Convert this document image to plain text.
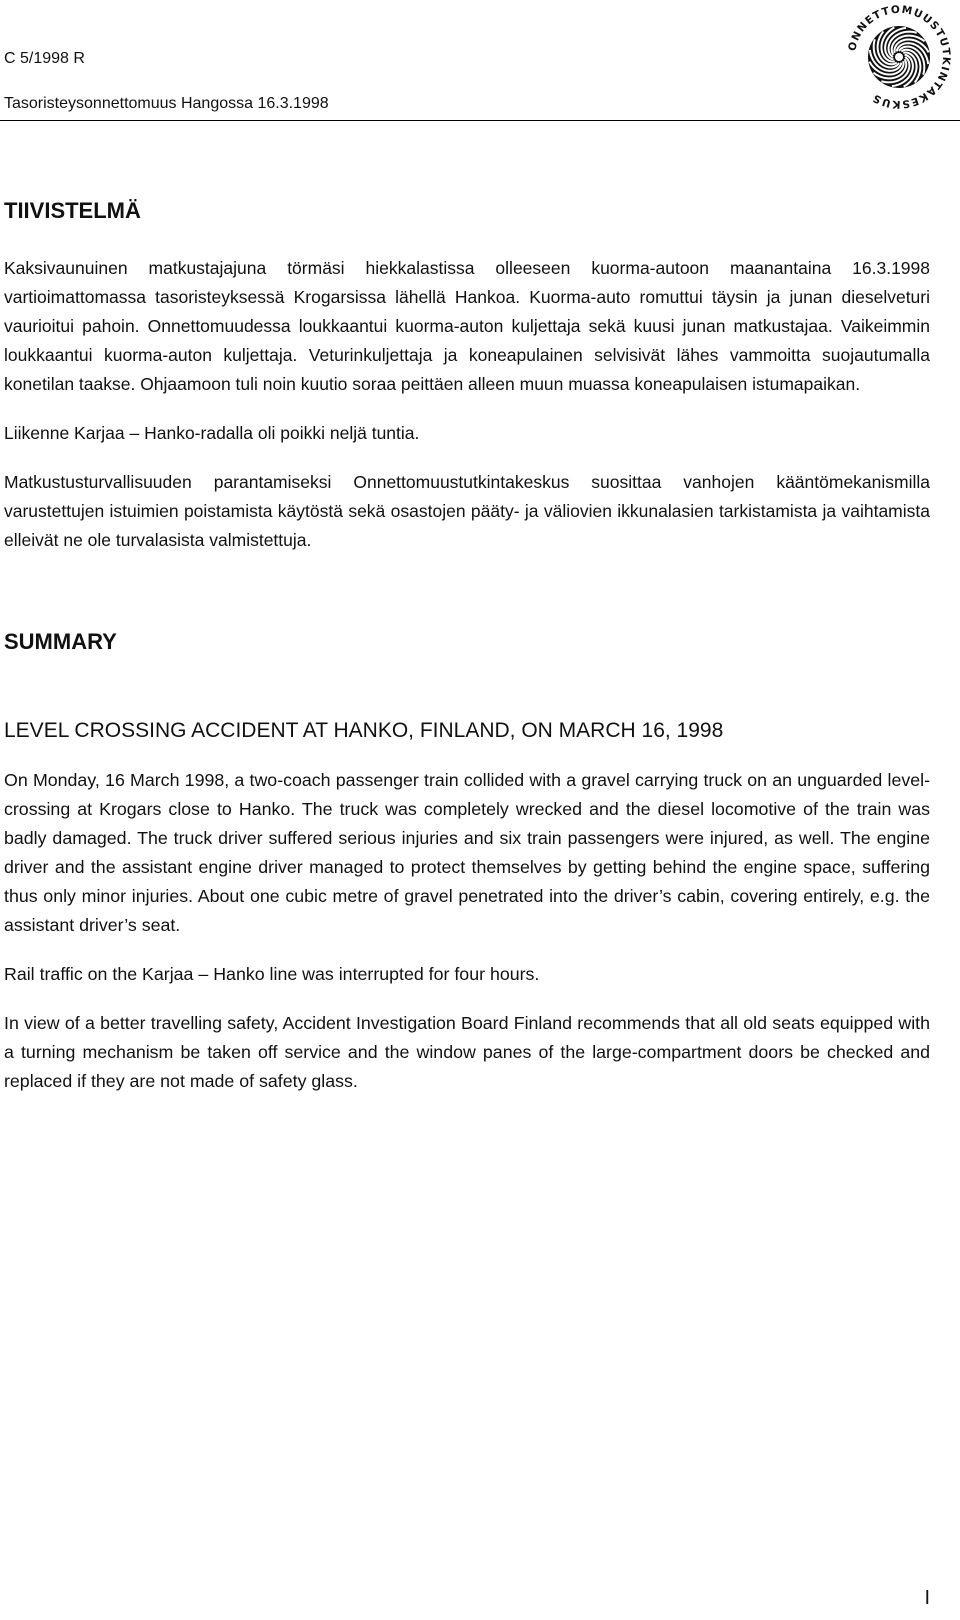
C 5/1998 R
Tasoristeysonnettomuus Hangossa 16.3.1998
ONNETTOMUUSTUTKINTAKESKUS
TIIVISTELMÄ

Kaksivaunuinen matkustajajuna törmäsi hiekkalastissa olleeseen kuorma-autoon maanantaina 16.3.1998 vartioimattomassa tasoristeyksessä Krogarsissa lähellä Hankoa. Kuorma-auto romuttui täysin ja junan dieselveturi vaurioitui pahoin. Onnettomuudessa loukkaantui kuorma-auton kuljettaja sekä kuusi junan matkustajaa. Vaikeimmin loukkaantui kuorma-auton kuljettaja. Veturinkuljettaja ja koneapulainen selvisivät lähes vammoitta suojautumalla konetilan taakse. Ohjaamoon tuli noin kuutio soraa peittäen alleen muun muassa koneapulaisen istumapaikan.

Liikenne Karjaa – Hanko-radalla oli poikki neljä tuntia.

Matkustusturvallisuuden parantamiseksi Onnettomuustutkintakeskus suosittaa vanhojen kääntömekanismilla varustettujen istuimien poistamista käytöstä sekä osastojen pääty- ja väliovien ikkunalasien tarkistamista ja vaihtamista elleivät ne ole turvalasista valmistettuja.

SUMMARY
LEVEL CROSSING ACCIDENT AT HANKO, FINLAND, ON MARCH 16, 1998

On Monday, 16 March 1998, a two-coach passenger train collided with a gravel carrying truck on an unguarded level-crossing at Krogars close to Hanko. The truck was completely wrecked and the diesel locomotive of the train was badly damaged. The truck driver suffered serious injuries and six train passengers were injured, as well. The engine driver and the assistant engine driver managed to protect themselves by getting behind the engine space, suffering thus only minor injuries. About one cubic metre of gravel penetrated into the driver’s cabin, covering entirely, e.g. the assistant driver’s seat.

Rail traffic on the Karjaa – Hanko line was interrupted for four hours.

In view of a better travelling safety, Accident Investigation Board Finland recommends that all old seats equipped with a turning mechanism be taken off service and the window panes of the large-compartment doors be checked and replaced if they are not made of safety glass.

I
